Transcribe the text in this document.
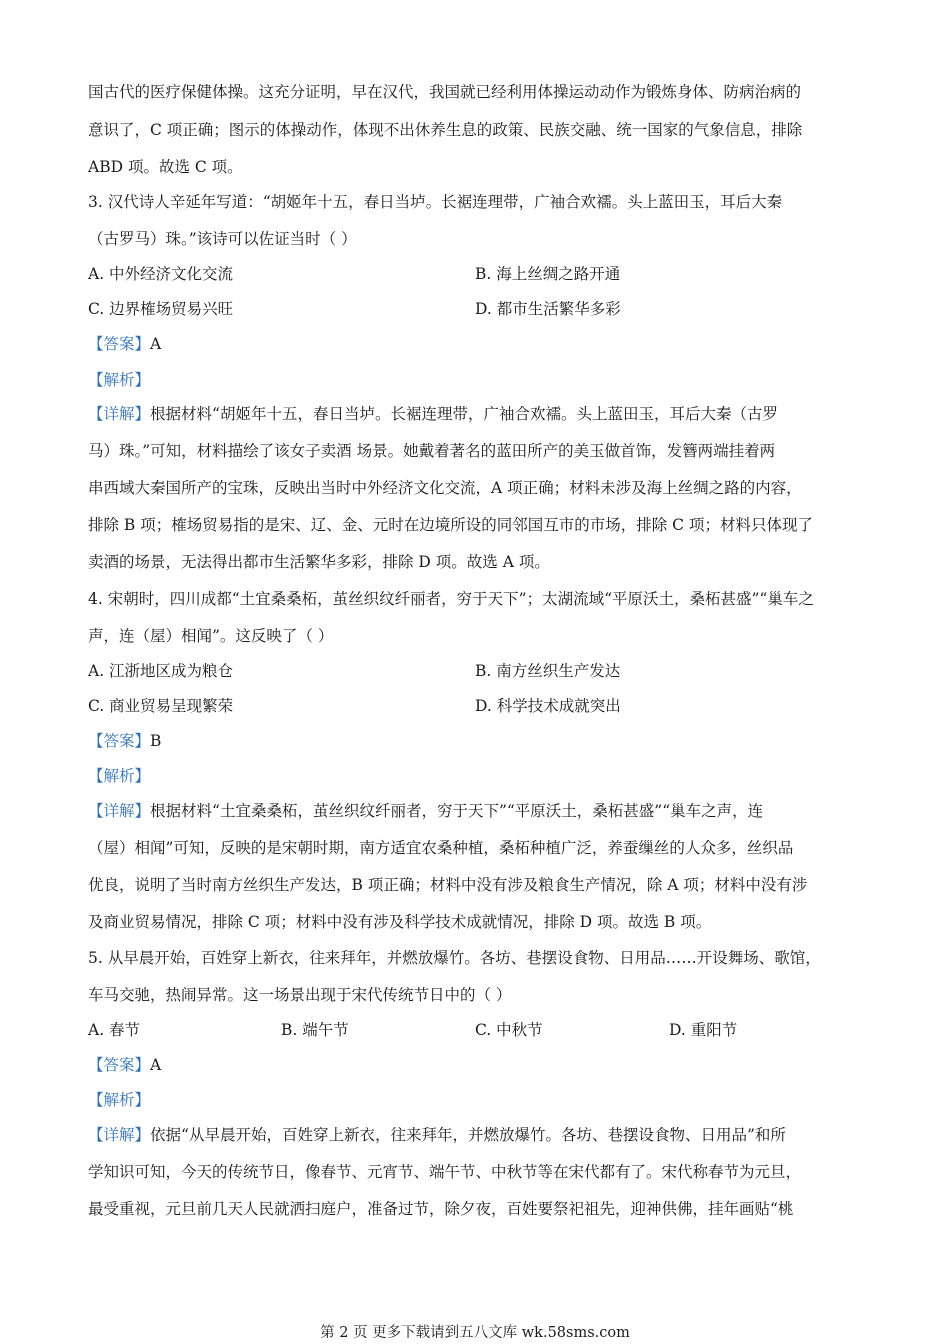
国古代的医疗保健体操。这充分证明，早在汉代，我国就已经利用体操运动动作为锻炼身体、防病治病的
意识了，C 项正确；图示的体操动作，体现不出休养生息的政策、民族交融、统一国家的气象信息，排除
ABD 项。故选 C 项。
3. 汉代诗人辛延年写道：“胡姬年十五，春日当垆。长裾连理带，广袖合欢襦。头上蓝田玉，耳后大秦
（古罗马）珠。”该诗可以佐证当时（ ）
A. 中外经济文化交流	B. 海上丝绸之路开通
C. 边界榷场贸易兴旺	D. 都市生活繁华多彩
【答案】A
【解析】
【详解】根据材料“胡姬年十五，春日当垆。长裾连理带，广袖合欢襦。头上蓝田玉，耳后大秦（古罗
马）珠。”可知，材料描绘了该女子卖酒 场景。她戴着著名的蓝田所产的美玉做首饰，发簪两端挂着两
串西域大秦国所产的宝珠，反映出当时中外经济文化交流，A 项正确；材料未涉及海上丝绸之路的内容，
排除 B 项；榷场贸易指的是宋、辽、金、元时在边境所设的同邻国互市的市场，排除 C 项；材料只体现了
卖酒的场景，无法得出都市生活繁华多彩，排除 D 项。故选 A 项。
4. 宋朝时，四川成都“土宜桑桑柘，茧丝织纹纤丽者，穷于天下”；太湖流域“平原沃土，桑柘甚盛”“巢车之
声，连（屋）相闻”。这反映了（ ）
A. 江浙地区成为粮仓	B. 南方丝织生产发达
C. 商业贸易呈现繁荣	D. 科学技术成就突出
【答案】B
【解析】
【详解】根据材料“土宜桑桑柘，茧丝织纹纤丽者，穷于天下”“平原沃土，桑柘甚盛”“巢车之声，连
（屋）相闻”可知，反映的是宋朝时期，南方适宜农桑种植，桑柘种植广泛，养蚕缫丝的人众多，丝织品
优良，说明了当时南方丝织生产发达，B 项正确；材料中没有涉及粮食生产情况，除 A 项；材料中没有涉
及商业贸易情况，排除 C 项；材料中没有涉及科学技术成就情况，排除 D 项。故选 B 项。
5. 从早晨开始，百姓穿上新衣，往来拜年，并燃放爆竹。各坊、巷摆设食物、日用品……开设舞场、歌馆，
车马交驰，热闹异常。这一场景出现于宋代传统节日中的（ ）
A. 春节	B. 端午节	C. 中秋节	D. 重阳节
【答案】A
【解析】
【详解】依据“从早晨开始，百姓穿上新衣，往来拜年，并燃放爆竹。各坊、巷摆设食物、日用品”和所
学知识可知，今天的传统节日，像春节、元宵节、端午节、中秋节等在宋代都有了。宋代称春节为元旦，
最受重视，元旦前几天人民就洒扫庭户，准备过节，除夕夜，百姓要祭祀祖先，迎神供佛，挂年画贴“桃
第 2 页 更多下载请到五八文库 wk.58sms.com
